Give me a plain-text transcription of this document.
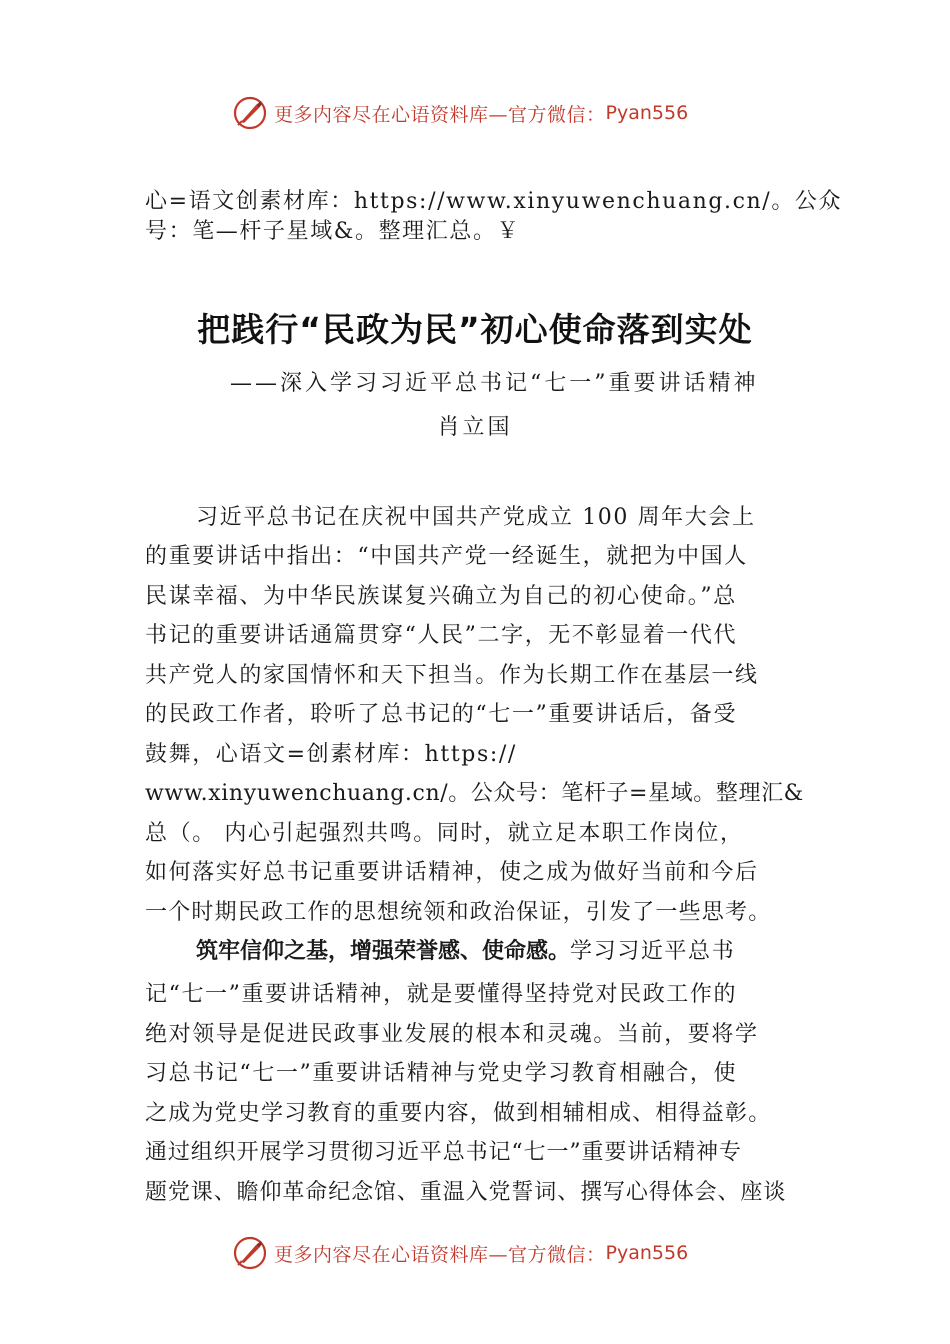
更多内容尽在心语资料库—官方微信： Pyan556
心=语文创素材库：https://www.xinyuwenchuang.cn/。公众
号：笔—杆子星域&。整理汇总。￥
把践行“民政为民”初心使命落到实处
——深入学习习近平总书记“七一”重要讲话精神
肖立国
习近平总书记在庆祝中国共产党成立 100 周年大会上
的重要讲话中指出：“中国共产党一经诞生，就把为中国人
民谋幸福、为中华民族谋复兴确立为自己的初心使命。”总
书记的重要讲话通篇贯穿“人民”二字，无不彰显着一代代
共产党人的家国情怀和天下担当。作为长期工作在基层一线
的民政工作者，聆听了总书记的“七一”重要讲话后，备受
鼓舞，心语文=创素材库：https://
www.xinyuwenchuang.cn/。公众号：笔杆子=星域。整理汇&
总（。 内心引起强烈共鸣。同时，就立足本职工作岗位，
如何落实好总书记重要讲话精神，使之成为做好当前和今后
一个时期民政工作的思想统领和政治保证，引发了一些思考。
筑牢信仰之基，增强荣誉感、使命感。学习习近平总书
记“七一”重要讲话精神，就是要懂得坚持党对民政工作的
绝对领导是促进民政事业发展的根本和灵魂。当前，要将学
习总书记“七一”重要讲话精神与党史学习教育相融合，使
之成为党史学习教育的重要内容，做到相辅相成、相得益彰。
通过组织开展学习贯彻习近平总书记“七一”重要讲话精神专
题党课、瞻仰革命纪念馆、重温入党誓词、撰写心得体会、座谈
更多内容尽在心语资料库—官方微信： Pyan556
